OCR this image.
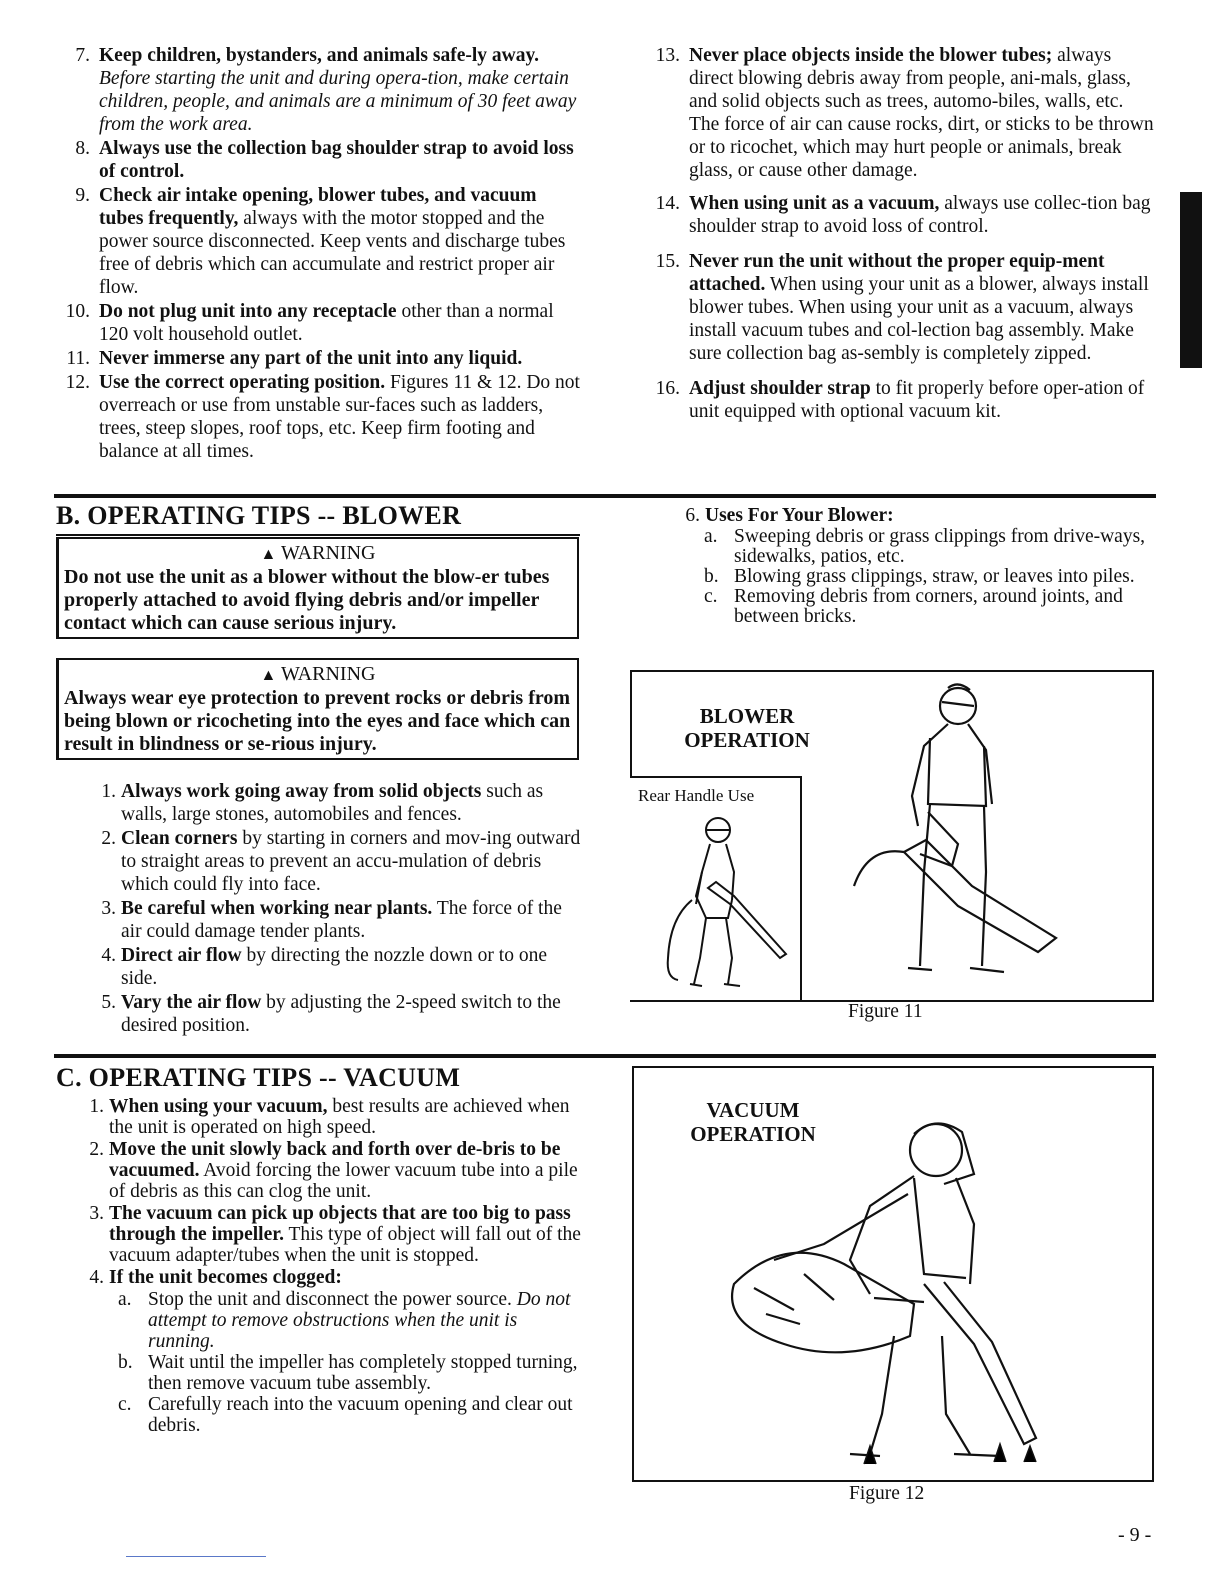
7. Keep children, bystanders, and animals safe-ly away. Before starting the unit and during opera-tion, make certain children, people, and animals are a minimum of 30 feet away from the work area.
8. Always use the collection bag shoulder strap to avoid loss of control.
9. Check air intake opening, blower tubes, and vacuum tubes frequently, always with the motor stopped and the power source disconnected. Keep vents and discharge tubes free of debris which can accumulate and restrict proper air flow.
10. Do not plug unit into any receptacle other than a normal 120 volt household outlet.
11. Never immerse any part of the unit into any liquid.
12. Use the correct operating position. Figures 11 & 12. Do not overreach or use from unstable sur-faces such as ladders, trees, steep slopes, roof tops, etc. Keep firm footing and balance at all times.
13. Never place objects inside the blower tubes; always direct blowing debris away from people, ani-mals, glass, and solid objects such as trees, automo-biles, walls, etc. The force of air can cause rocks, dirt, or sticks to be thrown or to ricochet, which may hurt people or animals, break glass, or cause other damage.
14. When using unit as a vacuum, always use collec-tion bag shoulder strap to avoid loss of control.
15. Never run the unit without the proper equip-ment attached. When using your unit as a blower, always install blower tubes. When using your unit as a vacuum, always install vacuum tubes and col-lection bag assembly. Make sure collection bag as-sembly is completely zipped.
16. Adjust shoulder strap to fit properly before oper-ation of unit equipped with optional vacuum kit.
B. OPERATING TIPS -- BLOWER
▲ WARNING
Do not use the unit as a blower without the blow-er tubes properly attached to avoid flying debris and/or impeller contact which can cause serious injury.
▲ WARNING
Always wear eye protection to prevent rocks or debris from being blown or ricocheting into the eyes and face which can result in blindness or se-rious injury.
1. Always work going away from solid objects such as walls, large stones, automobiles and fences.
2. Clean corners by starting in corners and mov-ing outward to straight areas to prevent an accu-mulation of debris which could fly into face.
3. Be careful when working near plants. The force of the air could damage tender plants.
4. Direct air flow by directing the nozzle down or to one side.
5. Vary the air flow by adjusting the 2-speed switch to the desired position.
6. Uses For Your Blower:
a. Sweeping debris or grass clippings from drive-ways, sidewalks, patios, etc.
b. Blowing grass clippings, straw, or leaves into piles.
c. Removing debris from corners, around joints, and between bricks.
BLOWER OPERATION
Rear Handle Use
Figure 11
C. OPERATING TIPS -- VACUUM
1. When using your vacuum, best results are achieved when the unit is operated on high speed.
2. Move the unit slowly back and forth over de-bris to be vacuumed. Avoid forcing the lower vacuum tube into a pile of debris as this can clog the unit.
3. The vacuum can pick up objects that are too big to pass through the impeller. This type of object will fall out of the vacuum adapter/tubes when the unit is stopped.
4. If the unit becomes clogged:
a. Stop the unit and disconnect the power source. Do not attempt to remove obstructions when the unit is running.
b. Wait until the impeller has completely stopped turning, then remove vacuum tube assembly.
c. Carefully reach into the vacuum opening and clear out debris.
VACUUM OPERATION
Figure 12
- 9 -
